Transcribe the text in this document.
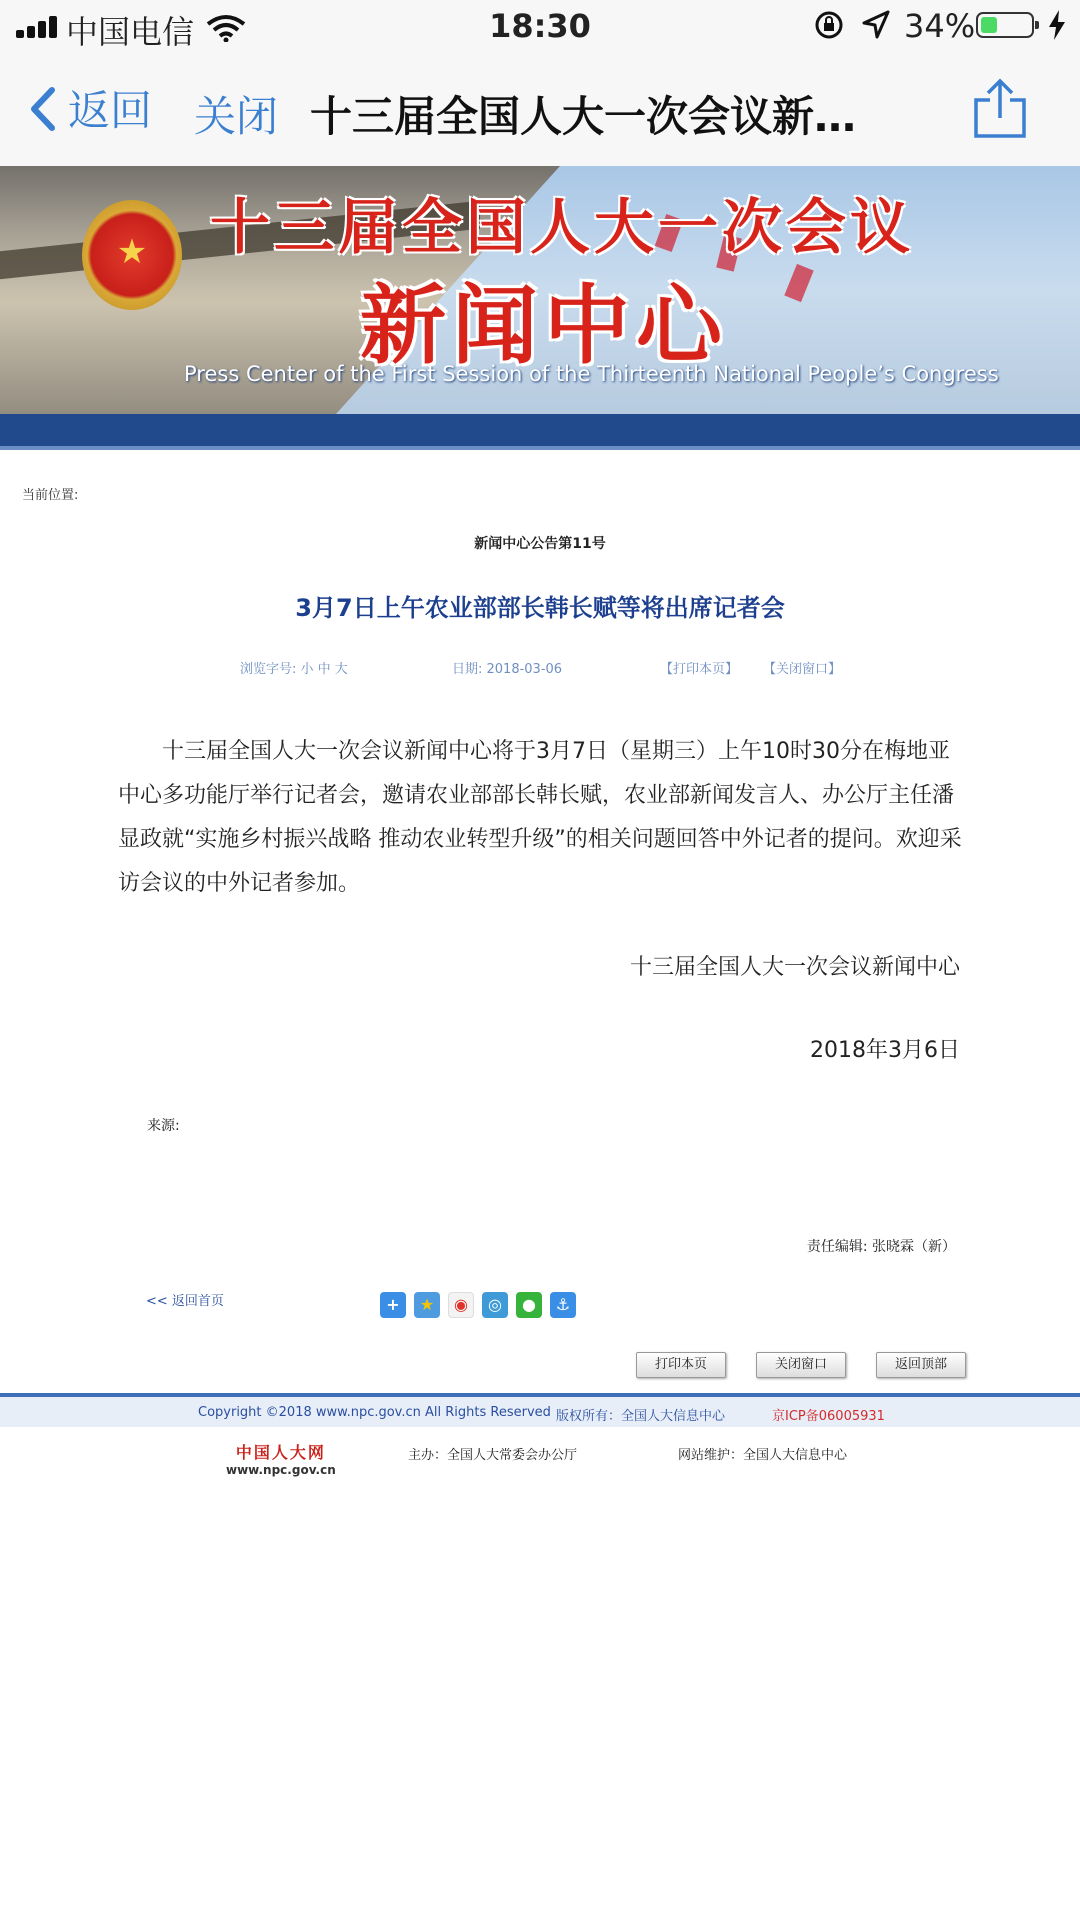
中国电信	18:30	34%
返回 关闭 十三届全国人大一次会议新…
★	十三届全国人大一次会议
新闻中心
Press Center of the First Session of the Thirteenth National People’s Congress
当前位置:
新闻中心公告第11号
3月7日上午农业部部长韩长赋等将出席记者会
浏览字号: 小 中 大	日期: 2018-03-06	【打印本页】 【关闭窗口】

十三届全国人大一次会议新闻中心将于3月7日（星期三）上午10时30分在梅地亚中心多功能厅举行记者会，邀请农业部部长韩长赋，农业部新闻发言人、办公厅主任潘显政就“实施乡村振兴战略 推动农业转型升级”的相关问题回答中外记者的提问。欢迎采访会议的中外记者参加。

十三届全国人大一次会议新闻中心
2018年3月6日
来源:
责任编辑: 张晓霖（新）
<< 返回首页	+ ★ ◉ ◎ ● ⚓
打印本页	关闭窗口	返回顶部
Copyright ©2018 www.npc.gov.cn All Rights Reserved 版权所有：全国人大信息中心	京ICP备06005931
中国人大网
www.npc.gov.cn
主办：全国人大常委会办公厅	网站维护：全国人大信息中心
